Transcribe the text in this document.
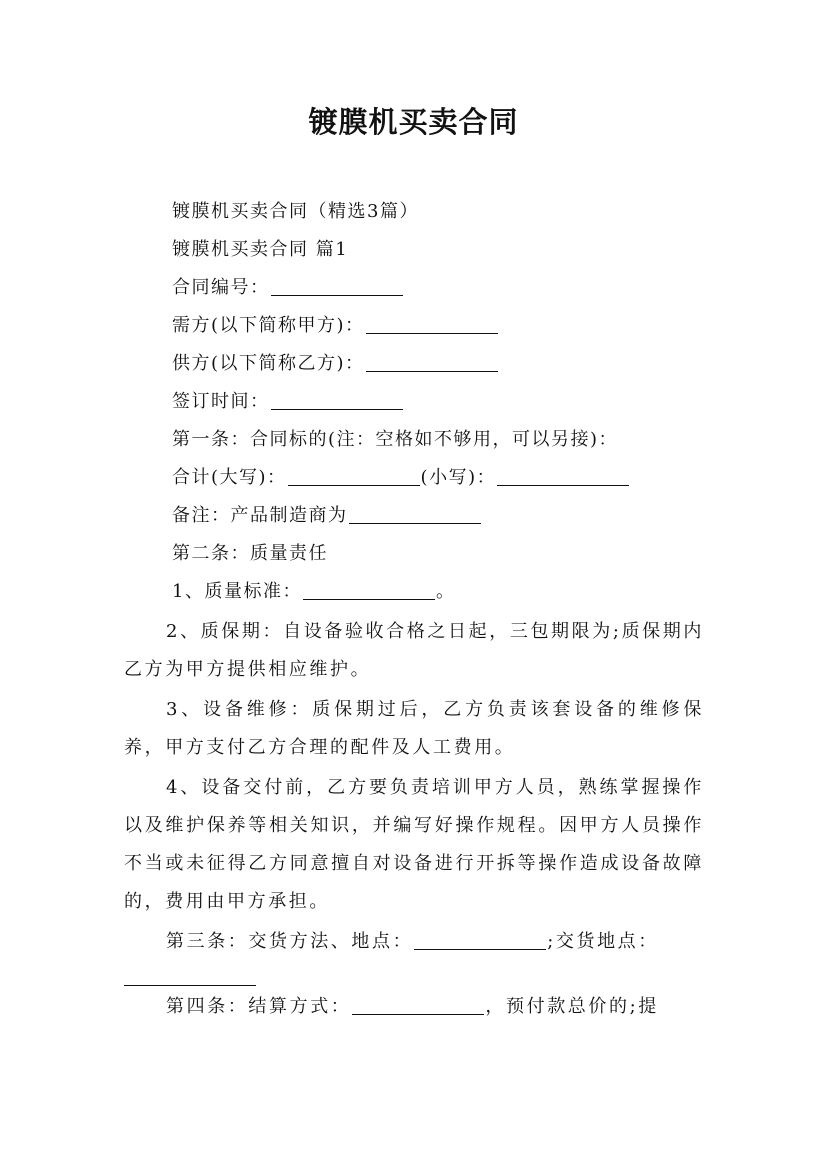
镀膜机买卖合同

镀膜机买卖合同（精选3篇）

镀膜机买卖合同 篇1

合同编号：

需方(以下简称甲方)：

供方(以下简称乙方)：

签订时间：

第一条：合同标的(注：空格如不够用，可以另接)：

合计(大写)：	(小写)：

备注：产品制造商为

第二条：质量责任

1、质量标准：	。

2、质保期：自设备验收合格之日起，三包期限为;质保期内乙方为甲方提供相应维护。

3、设备维修：质保期过后，乙方负责该套设备的维修保养，甲方支付乙方合理的配件及人工费用。

4、设备交付前，乙方要负责培训甲方人员，熟练掌握操作以及维护保养等相关知识，并编写好操作规程。因甲方人员操作不当或未征得乙方同意擅自对设备进行开拆等操作造成设备故障的，费用由甲方承担。

第三条：交货方法、地点：	;交货地点：

第四条：结算方式：	，预付款总价的;提
